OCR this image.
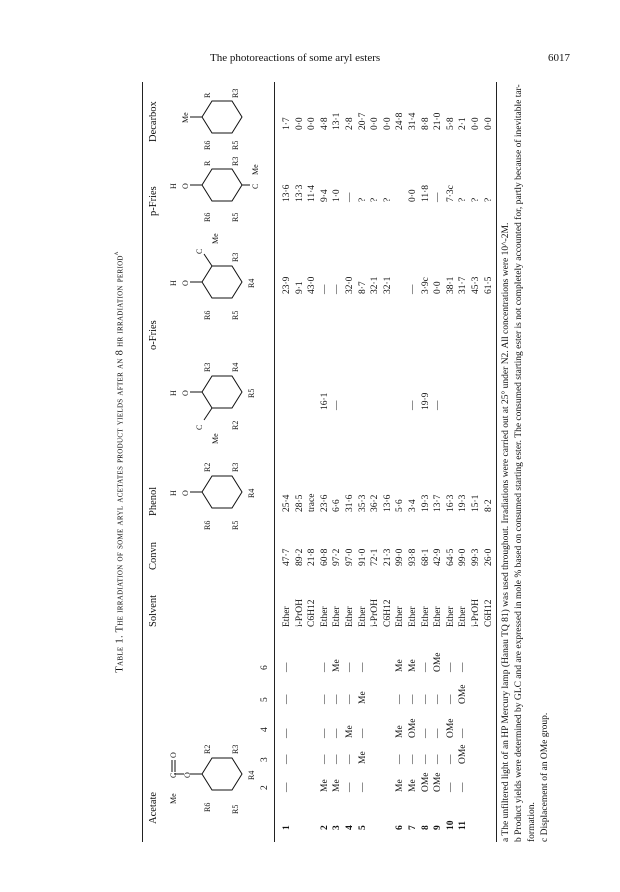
The photoreactions of some aryl esters	6017
Table 1. The irradiation of some aryl acetates product yields after an 8 hr irradiation period$^a$
Acetate
Solvent
Convn
Phenol
o-Fries
p-Fries
Decarbox
O
C
O
Me
R2 R3
R4
R5
R6
O
H
R2 R3
R4
R5
R6
O
H
C
Me
R3 R4
R5
R2
O
H
C
Me
R3
R4
R5
R6
O
H	C
Me
R R3
R5
R6
Me
R R3
R6 R5
2
3
4
5
6
1
—
—
—
—
—
Ether
47·7
25·4
23·9
13·6
1·7
i-PrOH
89·2
28·5
9·1
13·3
0·0
C6H12
21·8
trace
43·0
11·4
0·0
2
Me
—
—
—
—
Ether
60·8
23·6
16·1
—
9·4
4·8
3
Me
—
—
—
Me
Ether
97·2
6·6
—
—
1·0
13·1
4
—
—
Me
—
—
Ether
97·0
31·6
32·0
—
2·8
5
—
Me
—
Me
—
Ether
91·0
35·3
8·7
?
20·7
i-PrOH
72·1
36·2
32·1
?
0·0
C6H12
21·3
13·6
32·1
?
0·0
6
Me
—
Me
—
Me
Ether
99·0
5·6
24·8
7
Me
—
OMe
—
Me
Ether
93·8
3·4
—
—
0·0
31·4
8
OMe
—
—
—
—
Ether
68·1
19·3
19·9
3·9c
11·8
8·8
9
OMe
—
—
—
OMe
Ether
42·9
13·7
—
0·0
—
21·0
10
—
—
OMe
—
—
Ether
64·5
16·3
38·1
7·3c
5·8
11
—
OMe
—
OMe
—
Ether
99·0
19·3
31·7
?
2·1
i-PrOH
99·3
15·1
45·3
?
0·0
C6H12
26·0
8·2
61·5
?
0·0

a The unfiltered light of an HP Mercury lamp (Hanau TQ 81) was used throughout. Irradiations were carried out at 25° under N2. All concentrations were 10^-2M. b Product yields were determined by GLC and are expressed in mole % based on consumed starting ester. The consumed starting ester is not completely accounted for, partly because of inevitable tar-formation. c Displacement of an OMe group.
